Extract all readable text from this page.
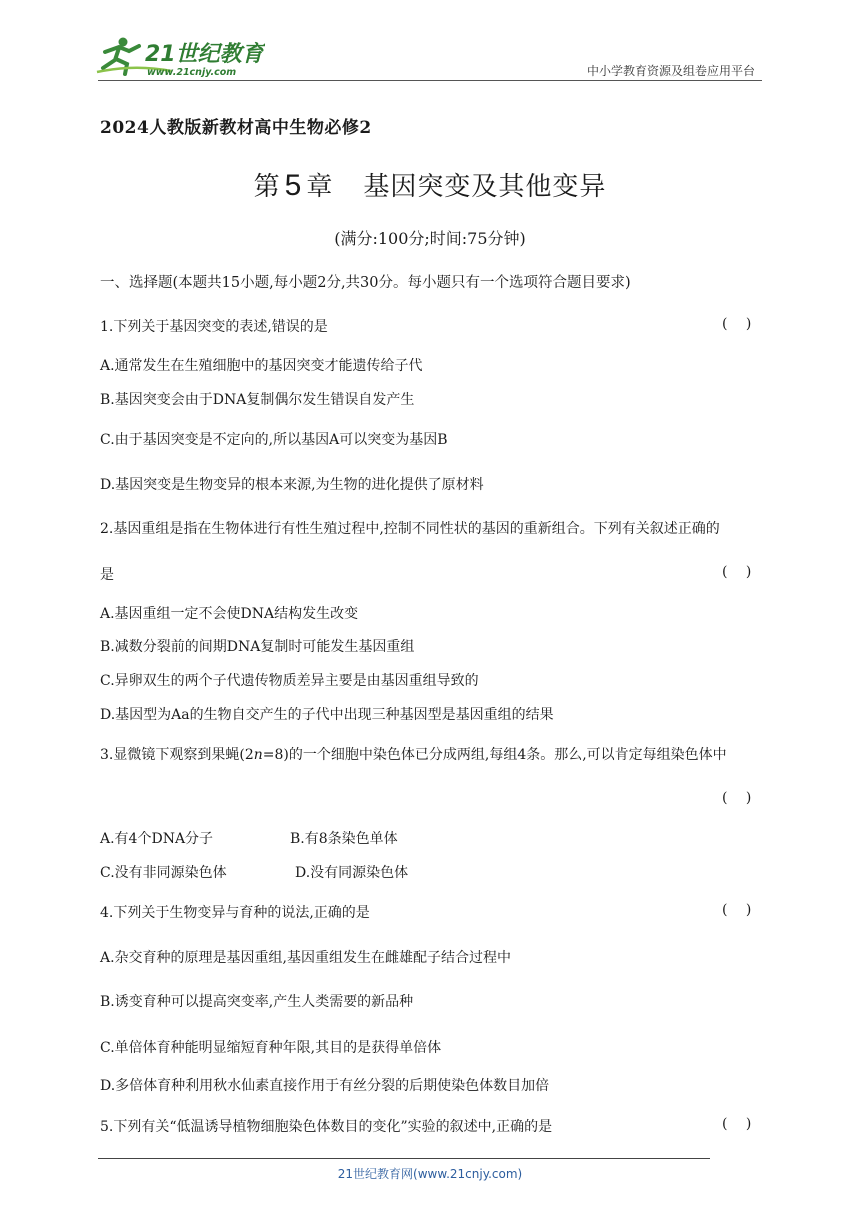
21世纪教育
www.21cnjy.com	中小学教育资源及组卷应用平台
2024人教版新教材高中生物必修2
第 5 章 基因突变及其他变异
(满分:100分;时间:75分钟)
一、选择题(本题共15小题,每小题2分,共30分。每小题只有一个选项符合题目要求)
1.下列关于基因突变的表述,错误的是	( )
A.通常发生在生殖细胞中的基因突变才能遗传给子代
B.基因突变会由于DNA复制偶尔发生错误自发产生
C.由于基因突变是不定向的,所以基因A可以突变为基因B
D.基因突变是生物变异的根本来源,为生物的进化提供了原材料
2.基因重组是指在生物体进行有性生殖过程中,控制不同性状的基因的重新组合。下列有关叙述正确的
是	( )
A.基因重组一定不会使DNA结构发生改变
B.减数分裂前的间期DNA复制时可能发生基因重组
C.异卵双生的两个子代遗传物质差异主要是由基因重组导致的
D.基因型为Aa的生物自交产生的子代中出现三种基因型是基因重组的结果
3.显微镜下观察到果蝇(2n=8)的一个细胞中染色体已分成两组,每组4条。那么,可以肯定每组染色体中
( )
A.有4个DNA分子	B.有8条染色单体
C.没有非同源染色体	D.没有同源染色体
4.下列关于生物变异与育种的说法,正确的是	( )
A.杂交育种的原理是基因重组,基因重组发生在雌雄配子结合过程中
B.诱变育种可以提高突变率,产生人类需要的新品种
C.单倍体育种能明显缩短育种年限,其目的是获得单倍体
D.多倍体育种利用秋水仙素直接作用于有丝分裂的后期使染色体数目加倍
5.下列有关“低温诱导植物细胞染色体数目的变化”实验的叙述中,正确的是	( )
21世纪教育网(www.21cnjy.com)
